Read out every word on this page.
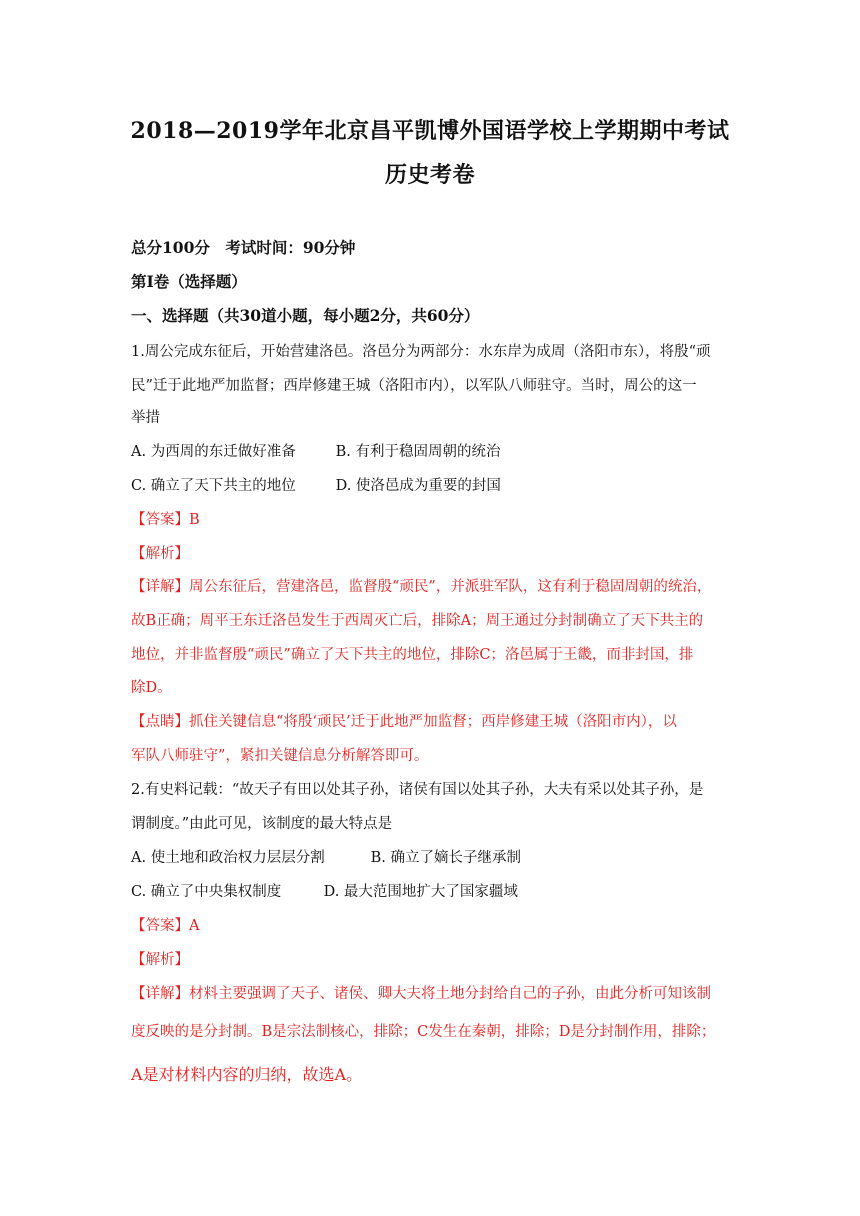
2018—2019学年北京昌平凯博外国语学校上学期期中考试
历史考卷
总分100分　考试时间：90分钟
第Ⅰ卷（选择题）
一、选择题（共30道小题，每小题2分，共60分）
1.周公完成东征后，开始营建洛邑。洛邑分为两部分：水东岸为成周（洛阳市东），将殷“顽
民”迁于此地严加监督；西岸修建王城（洛阳市内），以军队八师驻守。当时，周公的这一
举措
A. 为西周的东迁做好准备	B. 有利于稳固周朝的统治
C. 确立了天下共主的地位	D. 使洛邑成为重要的封国
【答案】B
【解析】
【详解】周公东征后，营建洛邑，监督殷“顽民”，并派驻军队，这有利于稳固周朝的统治，
故B正确；周平王东迁洛邑发生于西周灭亡后，排除A；周王通过分封制确立了天下共主的
地位，并非监督殷“顽民”确立了天下共主的地位，排除C；洛邑属于王畿，而非封国，排
除D。
【点睛】抓住关键信息“将殷‘顽民’迁于此地严加监督；西岸修建王城（洛阳市内），以
军队八师驻守”，紧扣关键信息分析解答即可。
2.有史料记载：“故天子有田以处其子孙，诸侯有国以处其子孙，大夫有采以处其子孙，是
谓制度。”由此可见，该制度的最大特点是
A. 使土地和政治权力层层分割	B. 确立了嫡长子继承制
C. 确立了中央集权制度	D. 最大范围地扩大了国家疆域
【答案】A
【解析】
【详解】材料主要强调了天子、诸侯、卿大夫将土地分封给自己的子孙，由此分析可知该制
度反映的是分封制。B是宗法制核心，排除；C发生在秦朝，排除；D是分封制作用，排除；
A是对材料内容的归纳，故选A。
